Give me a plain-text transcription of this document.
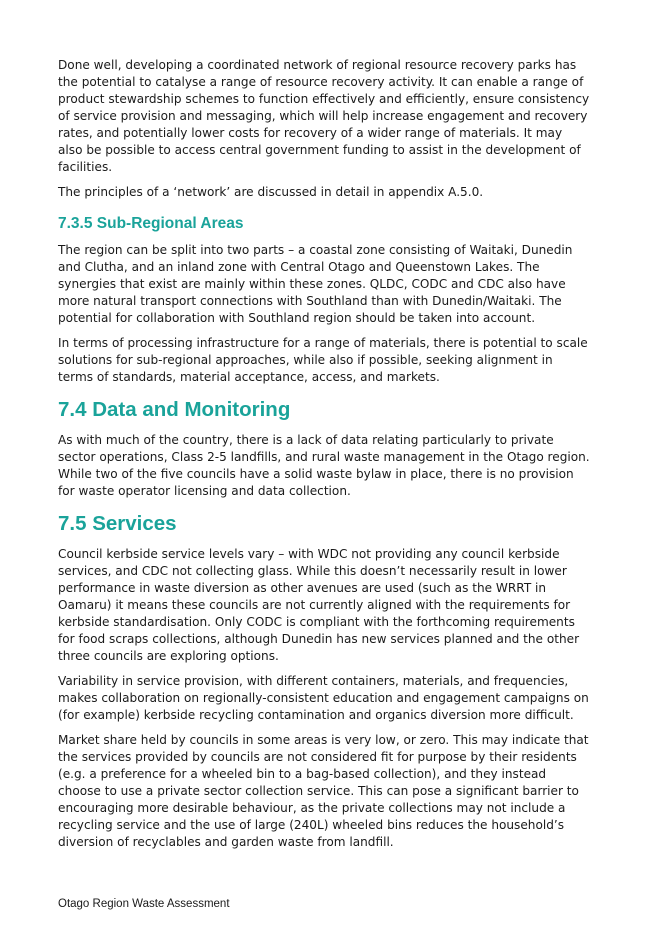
Done well, developing a coordinated network of regional resource recovery parks has the potential to catalyse a range of resource recovery activity. It can enable a range of product stewardship schemes to function effectively and efficiently, ensure consistency of service provision and messaging, which will help increase engagement and recovery rates, and potentially lower costs for recovery of a wider range of materials. It may also be possible to access central government funding to assist in the development of facilities.

The principles of a ‘network’ are discussed in detail in appendix A.5.0.

7.3.5 Sub-Regional Areas

The region can be split into two parts – a coastal zone consisting of Waitaki, Dunedin and Clutha, and an inland zone with Central Otago and Queenstown Lakes. The synergies that exist are mainly within these zones. QLDC, CODC and CDC also have more natural transport connections with Southland than with Dunedin/Waitaki. The potential for collaboration with Southland region should be taken into account.

In terms of processing infrastructure for a range of materials, there is potential to scale solutions for sub-regional approaches, while also if possible, seeking alignment in terms of standards, material acceptance, access, and markets.

7.4 Data and Monitoring

As with much of the country, there is a lack of data relating particularly to private sector operations, Class 2-5 landfills, and rural waste management in the Otago region. While two of the five councils have a solid waste bylaw in place, there is no provision for waste operator licensing and data collection.

7.5 Services

Council kerbside service levels vary – with WDC not providing any council kerbside services, and CDC not collecting glass. While this doesn’t necessarily result in lower performance in waste diversion as other avenues are used (such as the WRRT in Oamaru) it means these councils are not currently aligned with the requirements for kerbside standardisation. Only CODC is compliant with the forthcoming requirements for food scraps collections, although Dunedin has new services planned and the other three councils are exploring options.

Variability in service provision, with different containers, materials, and frequencies, makes collaboration on regionally-consistent education and engagement campaigns on (for example) kerbside recycling contamination and organics diversion more difficult.

Market share held by councils in some areas is very low, or zero. This may indicate that the services provided by councils are not considered fit for purpose by their residents (e.g. a preference for a wheeled bin to a bag-based collection), and they instead choose to use a private sector collection service. This can pose a significant barrier to encouraging more desirable behaviour, as the private collections may not include a recycling service and the use of large (240L) wheeled bins reduces the household’s diversion of recyclables and garden waste from landfill.

Otago Region Waste Assessment
